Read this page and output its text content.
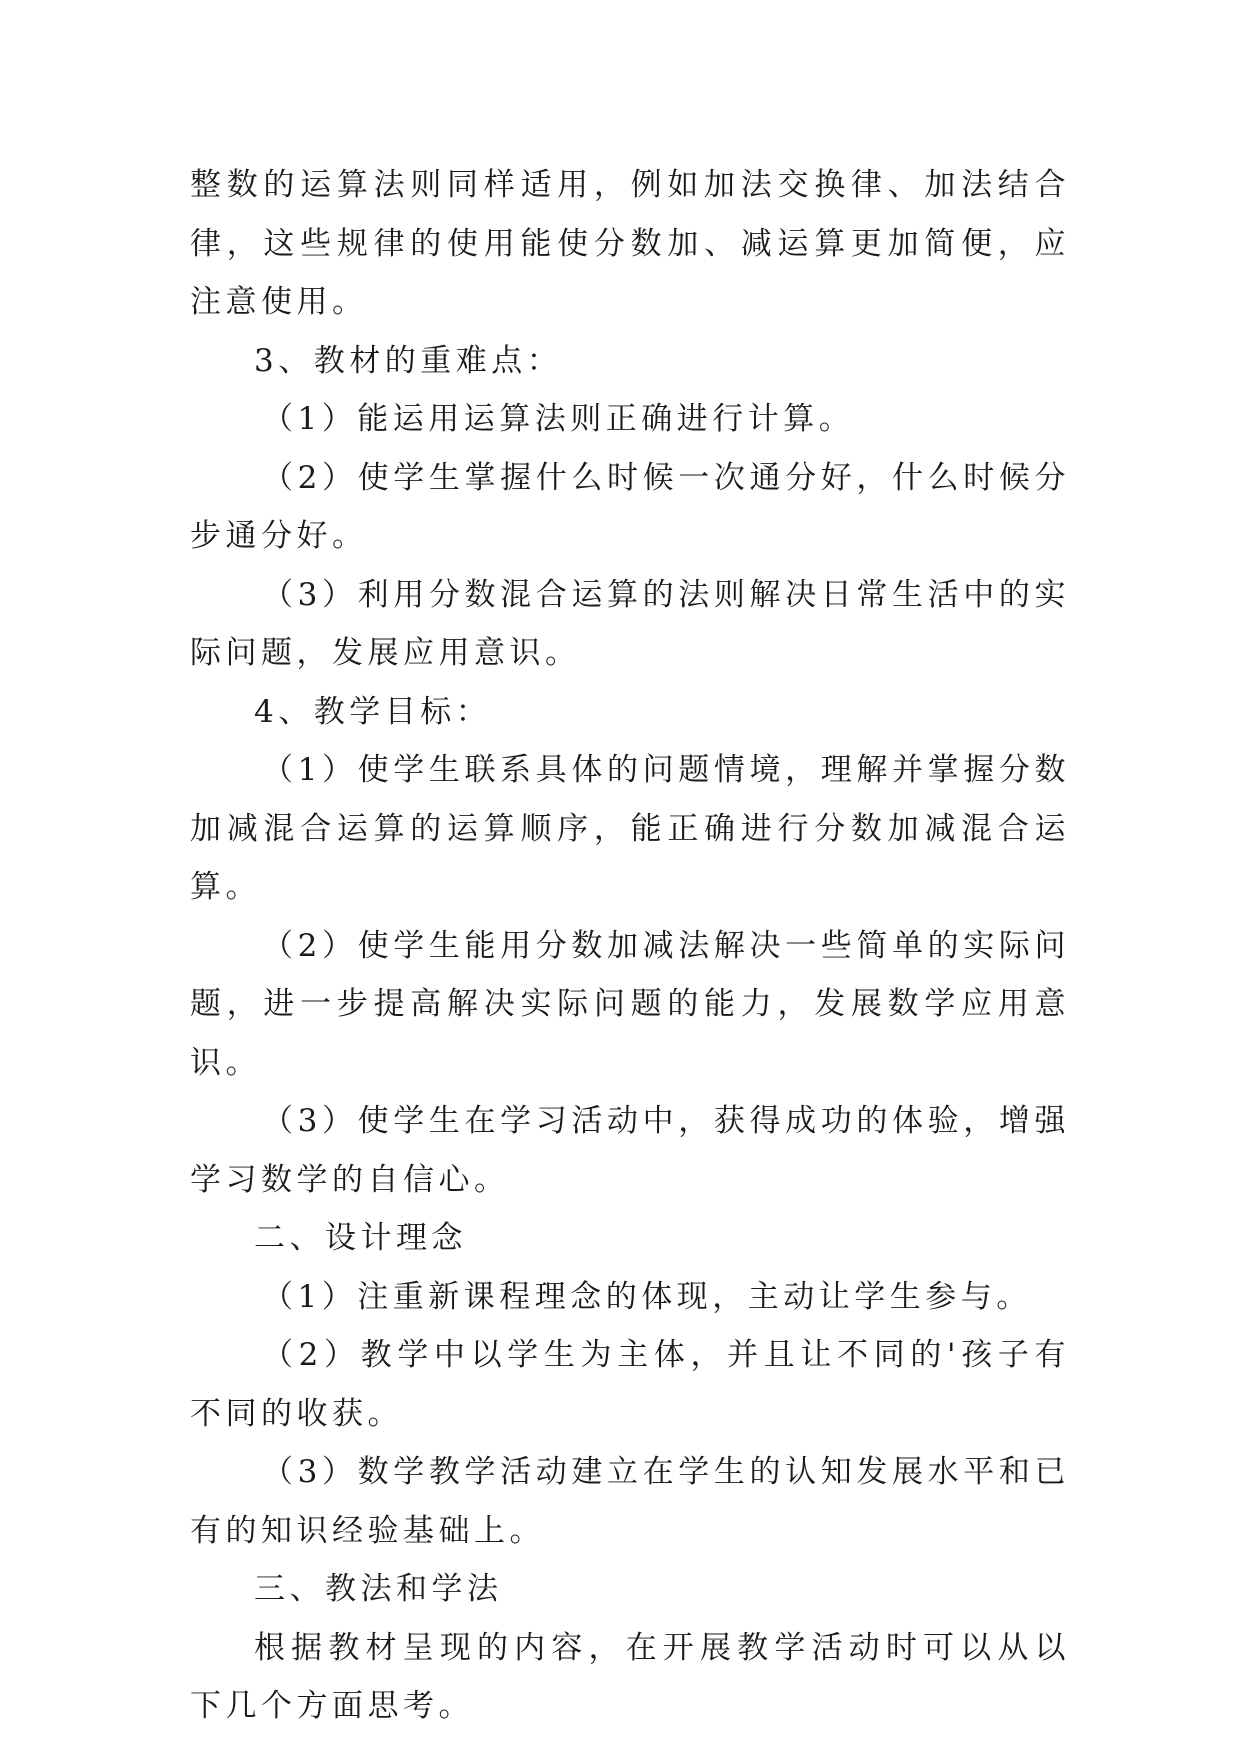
整数的运算法则同样适用，例如加法交换律、加法结合律，这些规律的使用能使分数加、减运算更加简便，应注意使用。

3、教材的重难点：

（1）能运用运算法则正确进行计算。

（2）使学生掌握什么时候一次通分好，什么时候分步通分好。

（3）利用分数混合运算的法则解决日常生活中的实际问题，发展应用意识。

4、教学目标：

（1）使学生联系具体的问题情境，理解并掌握分数加减混合运算的运算顺序，能正确进行分数加减混合运算。

（2）使学生能用分数加减法解决一些简单的实际问题，进一步提高解决实际问题的能力，发展数学应用意识。

（3）使学生在学习活动中，获得成功的体验，增强学习数学的自信心。

二、设计理念

（1）注重新课程理念的体现，主动让学生参与。

（2）教学中以学生为主体，并且让不同的'孩子有不同的收获。

（3）数学教学活动建立在学生的认知发展水平和已有的知识经验基础上。

三、教法和学法

根据教材呈现的内容，在开展教学活动时可以从以下几个方面思考。
